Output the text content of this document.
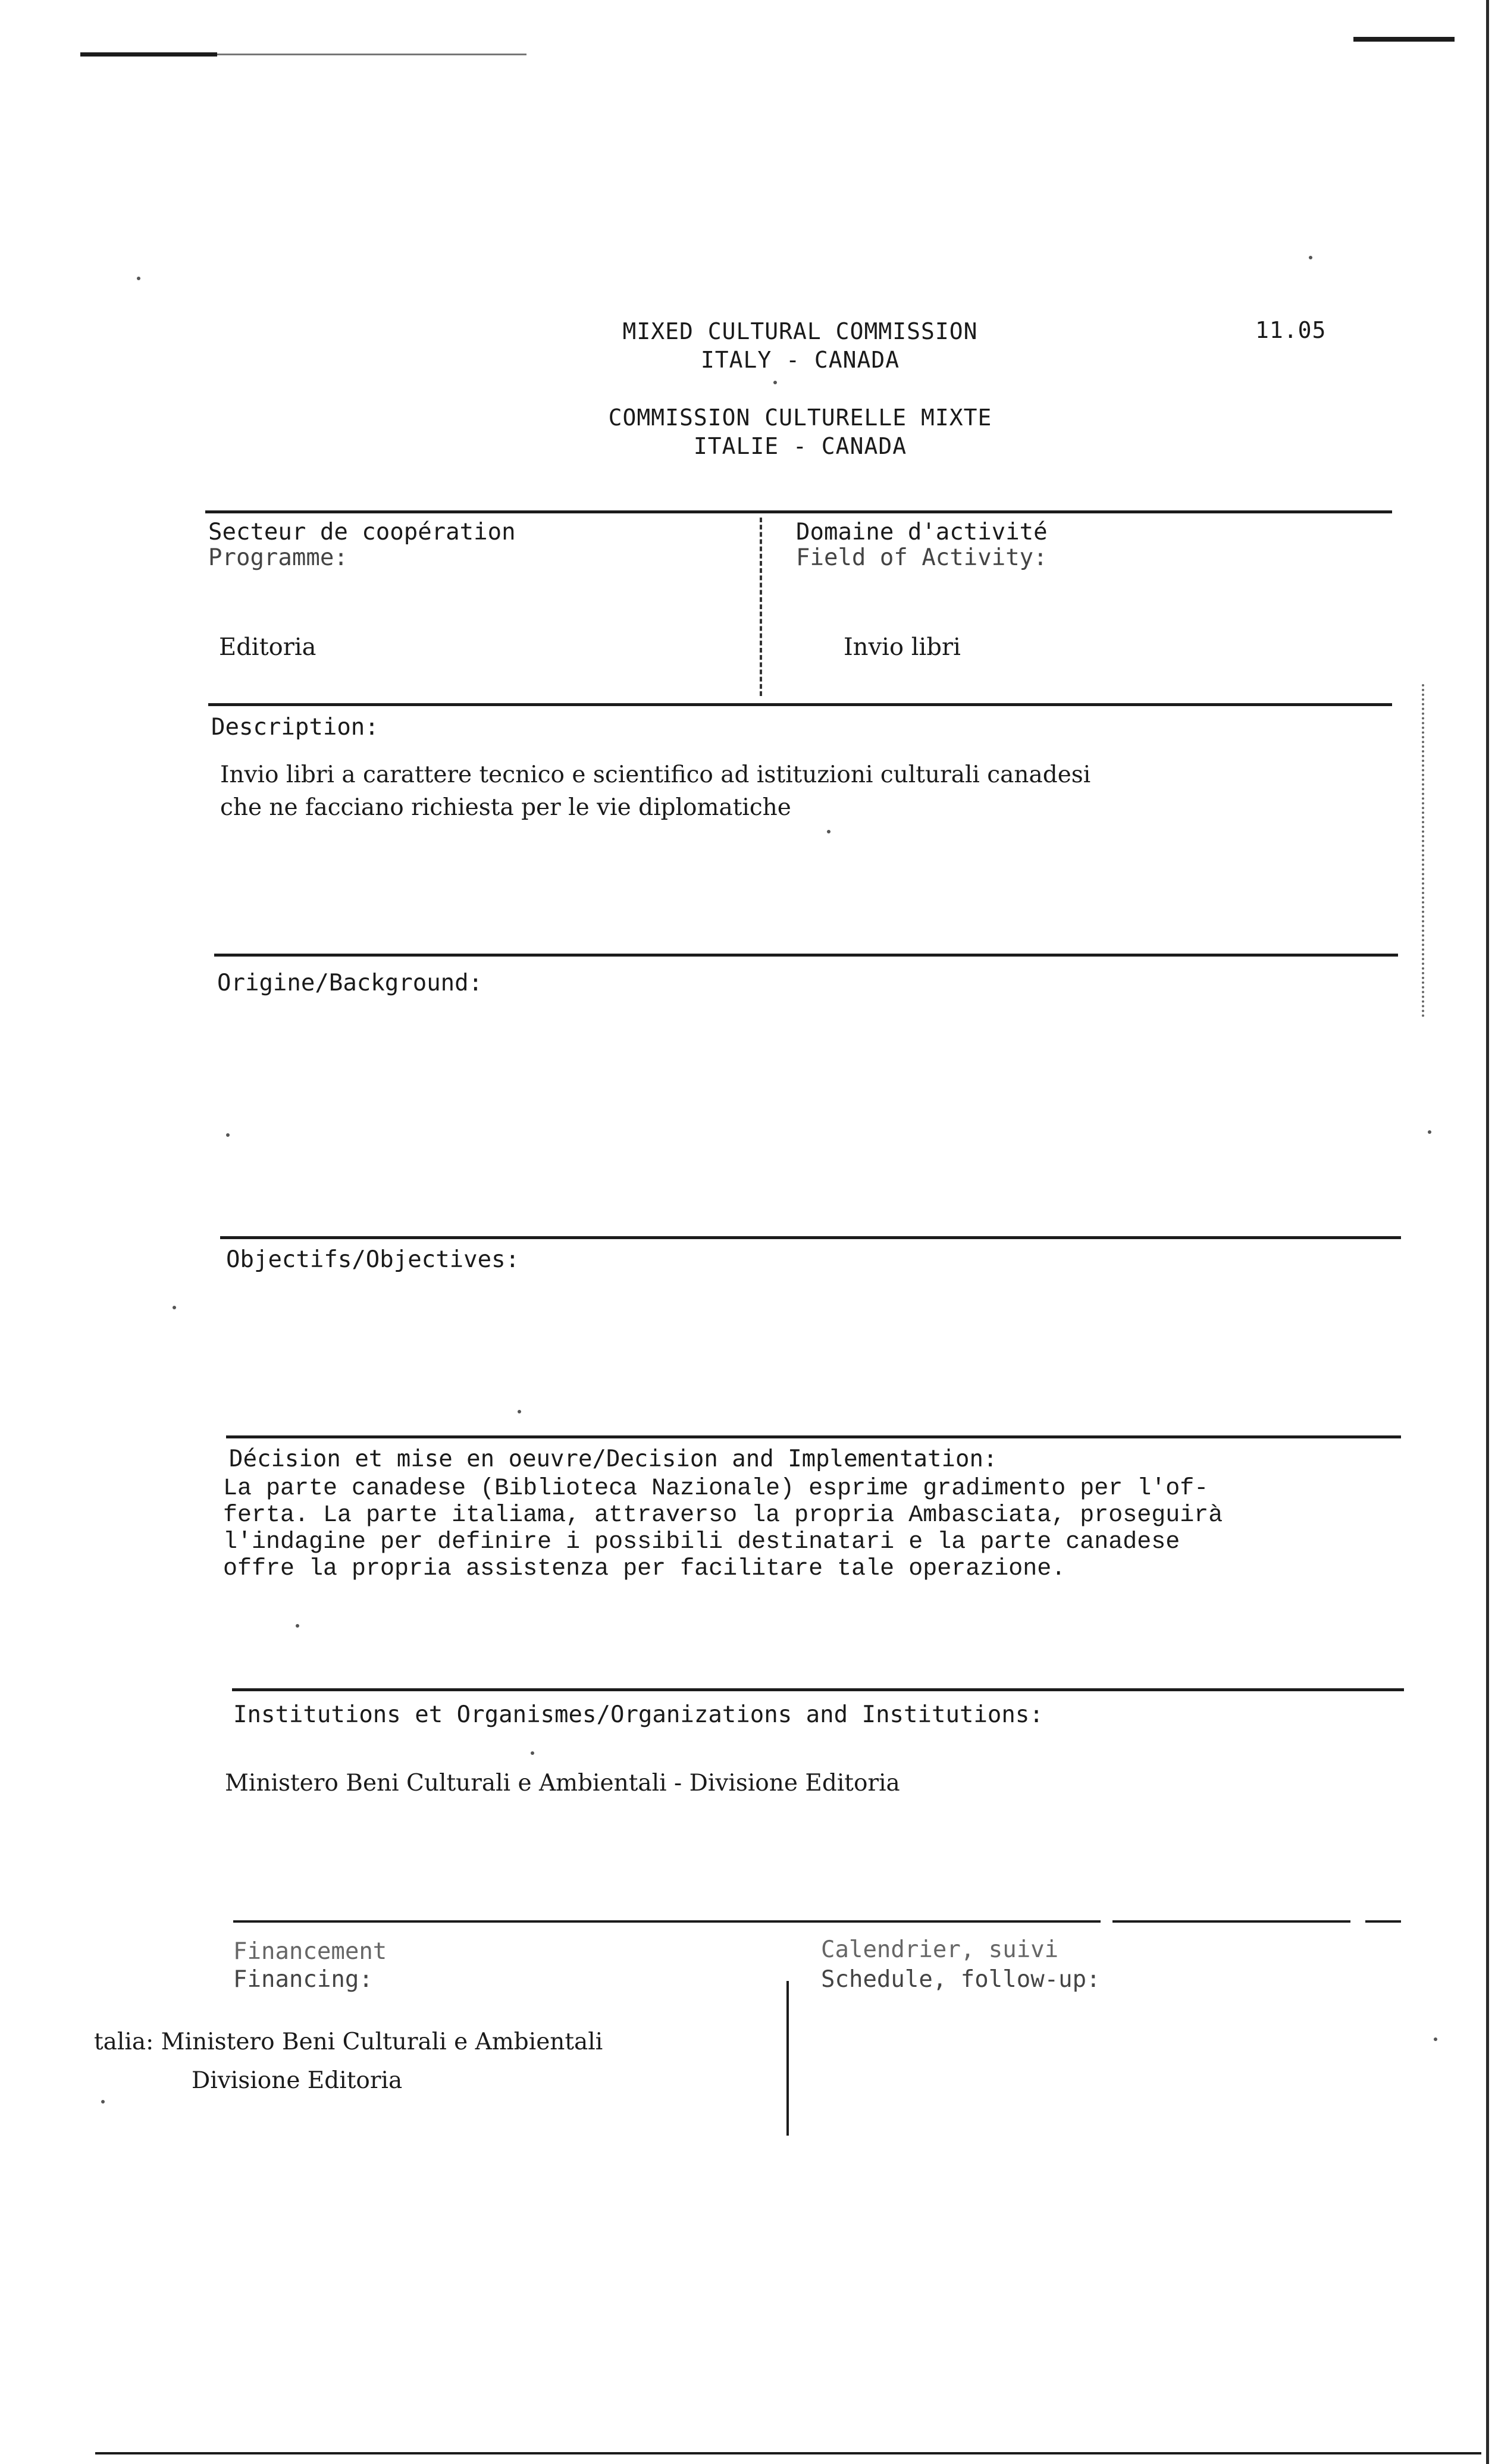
MIXED CULTURAL COMMISSION
ITALY - CANADA
COMMISSION CULTURELLE MIXTE
ITALIE - CANADA
11.05
Secteur de coopération
Programme:
Editoria
Domaine d'activité
Field of Activity:
Invio libri
Description:
Invio libri a carattere tecnico e scientifico ad istituzioni culturali canadesi
che ne facciano richiesta per le vie diplomatiche
Origine/Background:
Objectifs/Objectives:
Décision et mise en oeuvre/Decision and Implementation:
La parte canadese (Biblioteca Nazionale) esprime gradimento per l'of-
ferta. La parte italiama, attraverso la propria Ambasciata, proseguirà
l'indagine per definire i possibili destinatari e la parte canadese
offre la propria assistenza per facilitare tale operazione.
Institutions et Organismes/Organizations and Institutions:
Ministero Beni Culturali e Ambientali - Divisione Editoria
Financement
Financing:
talia: Ministero Beni Culturali e Ambientali
Divisione Editoria
Calendrier, suivi
Schedule, follow-up:
